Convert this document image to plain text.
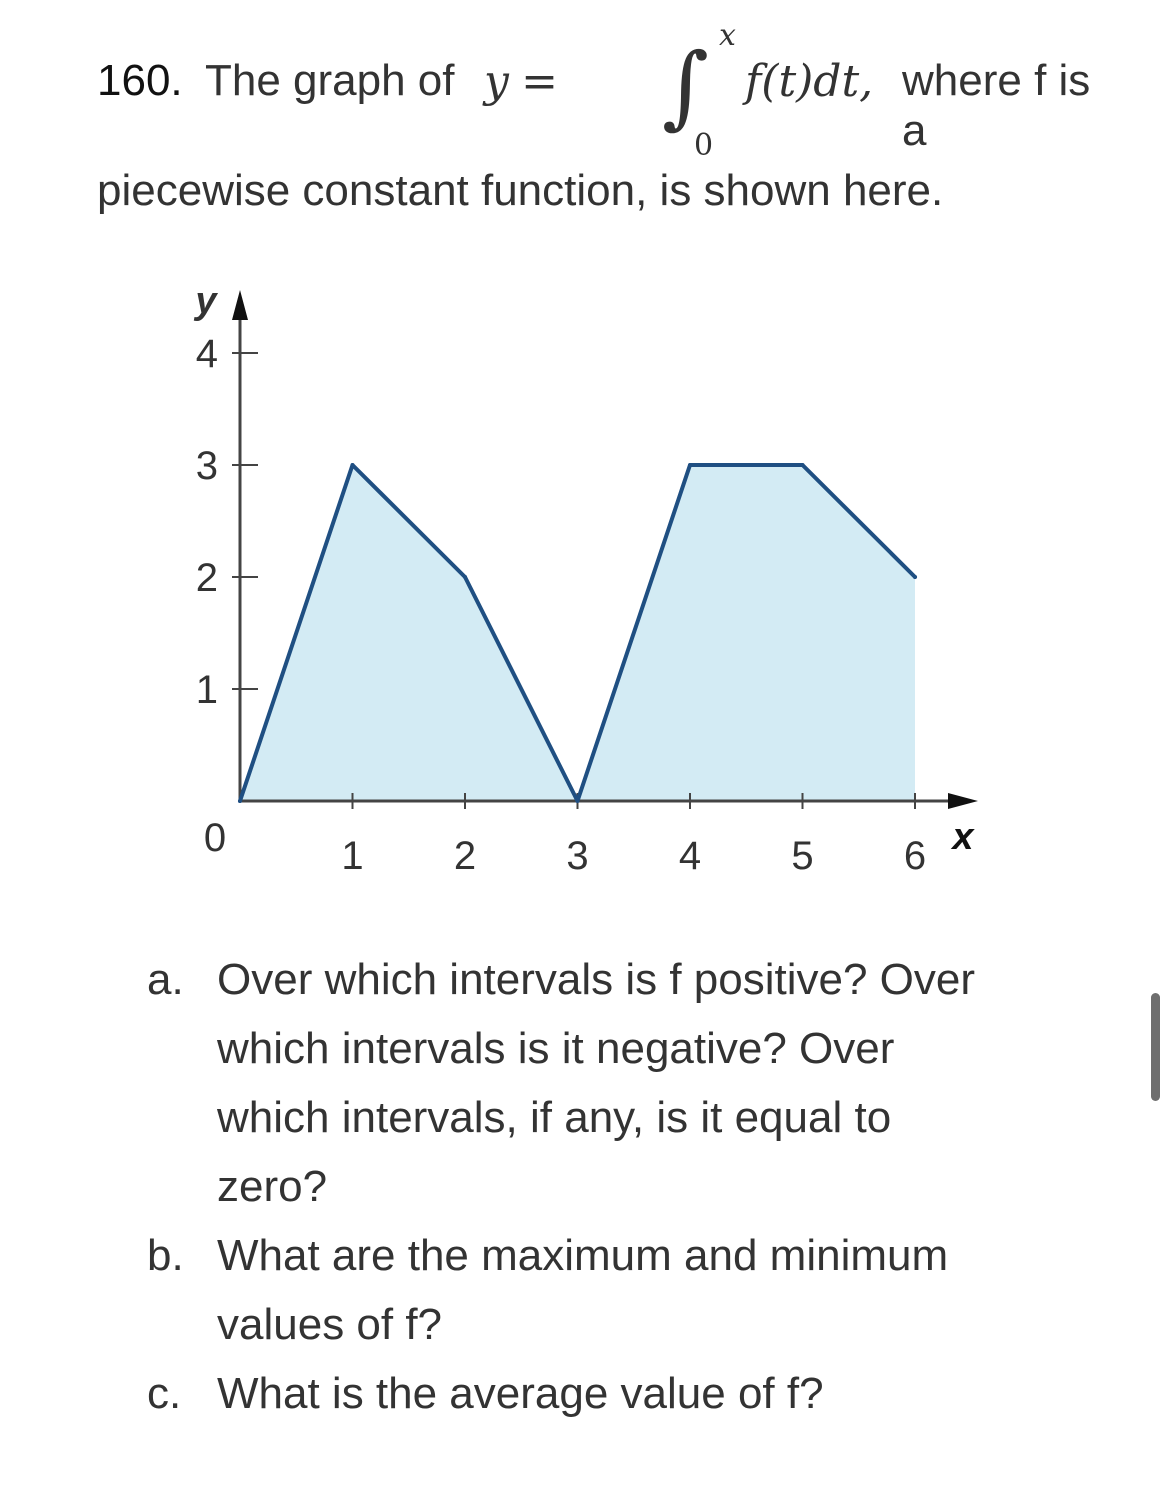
160. The graph of y = ∫ x
0
f(t)dt, where f is a
piecewise constant function, is shown here.
1 2 3 4 5 6
1
2
3
4
0	x
y
a. Over which intervals is f positive? Over
which intervals is it negative? Over
which intervals, if any, is it equal to
zero?
b. What are the maximum and minimum
values of f?
c. What is the average value of f?
